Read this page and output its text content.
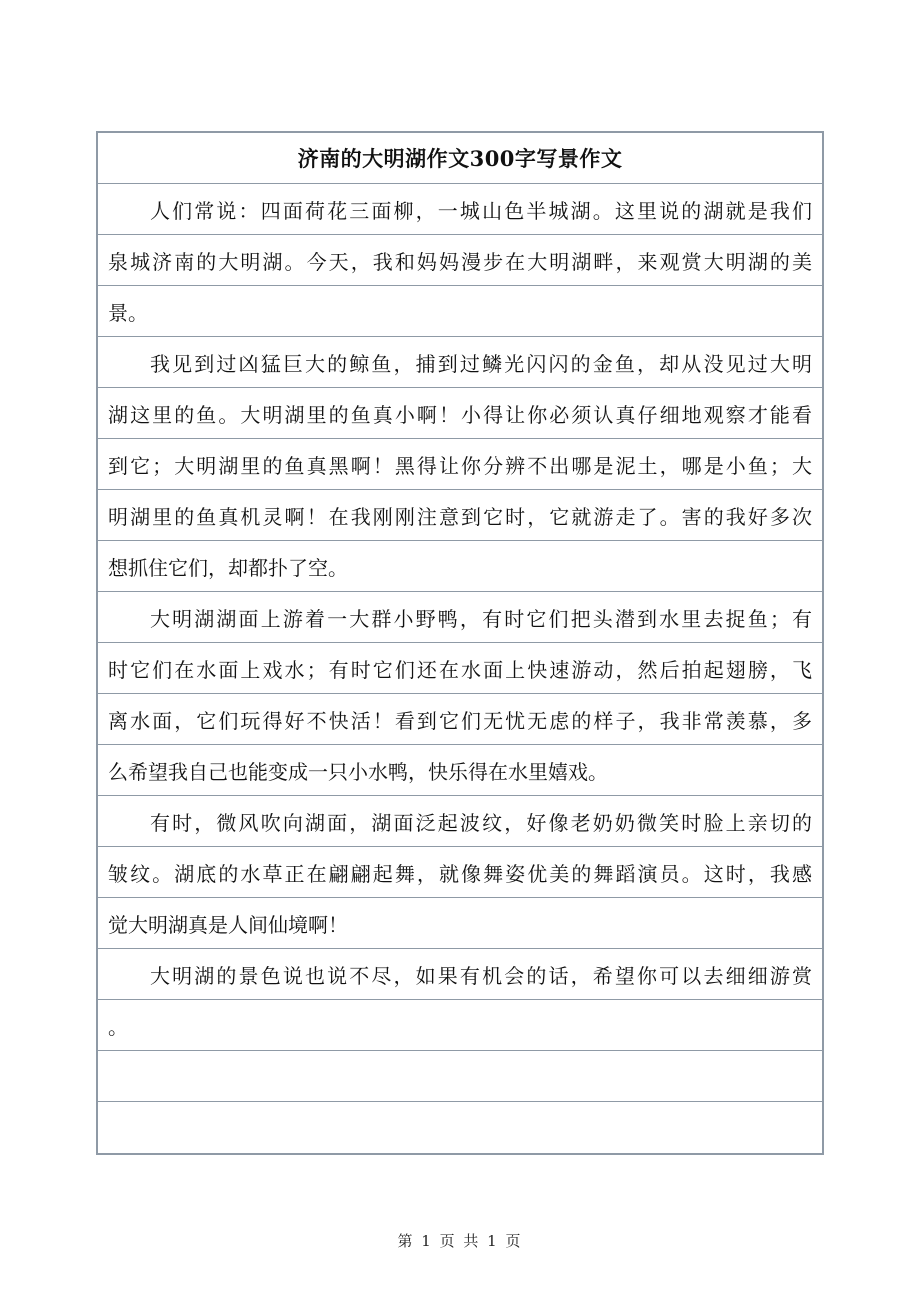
济南的大明湖作文300字写景作文
人们常说：四面荷花三面柳，一城山色半城湖。这里说的湖就是我们
泉城济南的大明湖。今天，我和妈妈漫步在大明湖畔，来观赏大明湖的美
景。
我见到过凶猛巨大的鲸鱼，捕到过鳞光闪闪的金鱼，却从没见过大明
湖这里的鱼。大明湖里的鱼真小啊！小得让你必须认真仔细地观察才能看
到它；大明湖里的鱼真黑啊！黑得让你分辨不出哪是泥土，哪是小鱼；大
明湖里的鱼真机灵啊！在我刚刚注意到它时，它就游走了。害的我好多次
想抓住它们，却都扑了空。
大明湖湖面上游着一大群小野鸭，有时它们把头潜到水里去捉鱼；有
时它们在水面上戏水；有时它们还在水面上快速游动，然后拍起翅膀，飞
离水面，它们玩得好不快活！看到它们无忧无虑的样子，我非常羡慕，多
么希望我自己也能变成一只小水鸭，快乐得在水里嬉戏。
有时，微风吹向湖面，湖面泛起波纹，好像老奶奶微笑时脸上亲切的
皱纹。湖底的水草正在翩翩起舞，就像舞姿优美的舞蹈演员。这时，我感
觉大明湖真是人间仙境啊！
大明湖的景色说也说不尽，如果有机会的话，希望你可以去细细游赏
。
第 1 页 共 1 页
